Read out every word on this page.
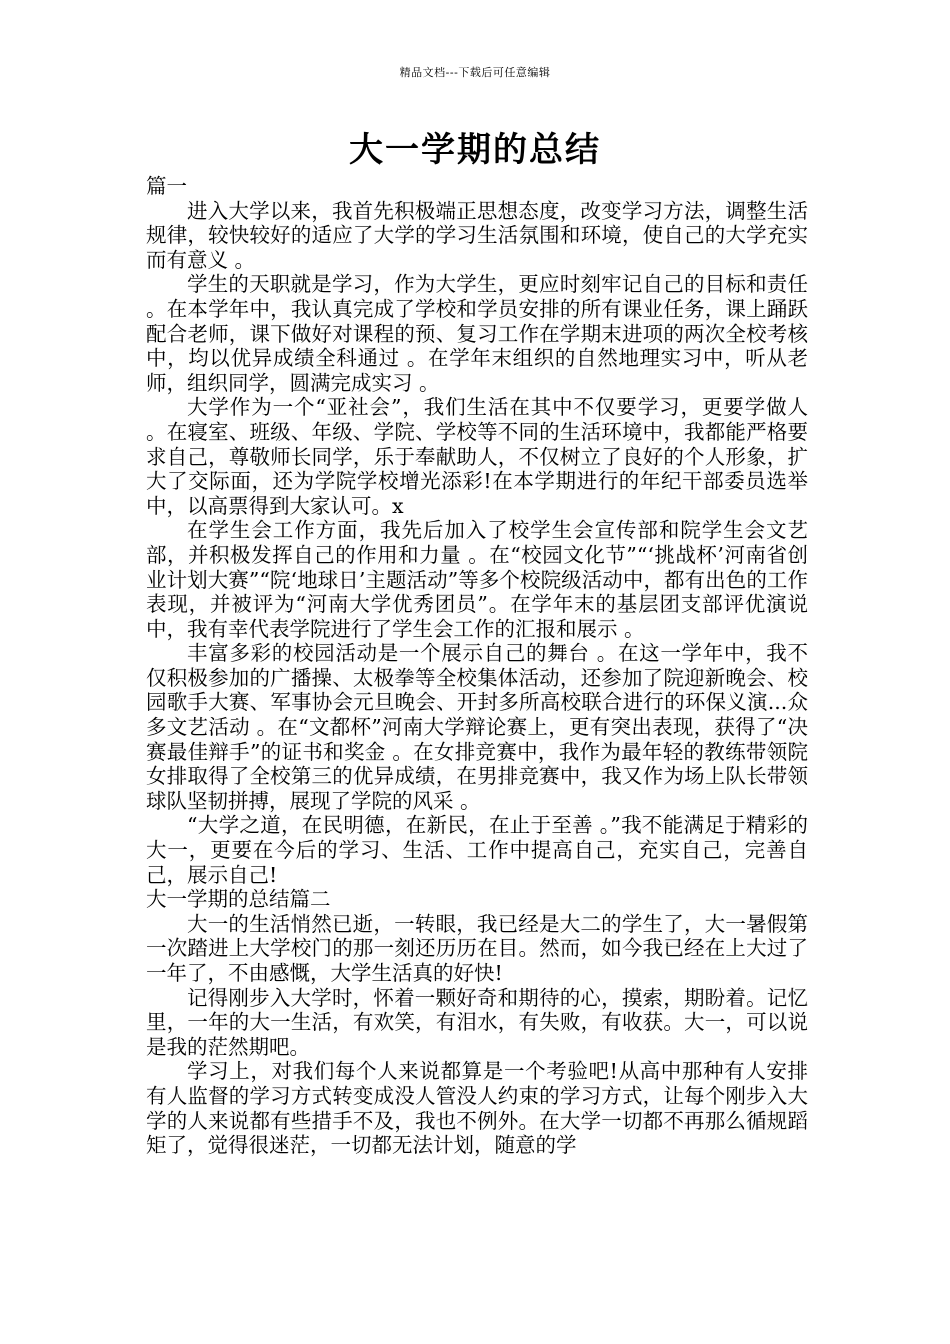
精品文档---下载后可任意编辑
大一学期的总结

篇一

进入大学以来，我首先积极端正思想态度，改变学习方法，调整生活规律，较快较好的适应了大学的学习生活氛围和环境，使自己的大学充实而有意义 。

学生的天职就是学习，作为大学生，更应时刻牢记自己的目标和责任 。在本学年中，我认真完成了学校和学员安排的所有课业任务，课上踊跃配合老师，课下做好对课程的预、复习工作在学期末进项的两次全校考核中，均以优异成绩全科通过 。在学年末组织的自然地理实习中，听从老师，组织同学，圆满完成实习 。

大学作为一个“亚社会”，我们生活在其中不仅要学习，更要学做人 。在寝室、班级、年级、学院、学校等不同的生活环境中，我都能严格要求自己，尊敬师长同学，乐于奉献助人，不仅树立了良好的个人形象，扩大了交际面，还为学院学校增光添彩!在本学期进行的年纪干部委员选举中，以高票得到大家认可。x

在学生会工作方面，我先后加入了校学生会宣传部和院学生会文艺部，并积极发挥自己的作用和力量 。在“校园文化节”“‘挑战杯’河南省创业计划大赛”“院‘地球日’主题活动”等多个校院级活动中，都有出色的工作表现，并被评为“河南大学优秀团员”。在学年末的基层团支部评优演说中，我有幸代表学院进行了学生会工作的汇报和展示 。

丰富多彩的校园活动是一个展示自己的舞台 。在这一学年中，我不仅积极参加的广播操、太极拳等全校集体活动，还参加了院迎新晚会、校园歌手大赛、军事协会元旦晚会、开封多所高校联合进行的环保义演...众多文艺活动 。在“文都杯”河南大学辩论赛上，更有突出表现，获得了“决赛最佳辩手”的证书和奖金 。在女排竞赛中，我作为最年轻的教练带领院女排取得了全校第三的优异成绩，在男排竞赛中，我又作为场上队长带领球队坚韧拼搏，展现了学院的风采 。

“大学之道，在民明德，在新民，在止于至善 。”我不能满足于精彩的大一，更要在今后的学习、生活、工作中提高自己，充实自己，完善自己，展示自己!

大一学期的总结篇二

大一的生活悄然已逝，一转眼，我已经是大二的学生了，大一暑假第一次踏进上大学校门的那一刻还历历在目。然而，如今我已经在上大过了一年了，不由感慨，大学生活真的好快!

记得刚步入大学时，怀着一颗好奇和期待的心，摸索，期盼着。记忆里，一年的大一生活，有欢笑，有泪水，有失败，有收获。大一，可以说是我的茫然期吧。

学习上，对我们每个人来说都算是一个考验吧!从高中那种有人安排有人监督的学习方式转变成没人管没人约束的学习方式，让每个刚步入大学的人来说都有些措手不及，我也不例外。在大学一切都不再那么循规蹈矩了，觉得很迷茫，一切都无法计划，随意的学
